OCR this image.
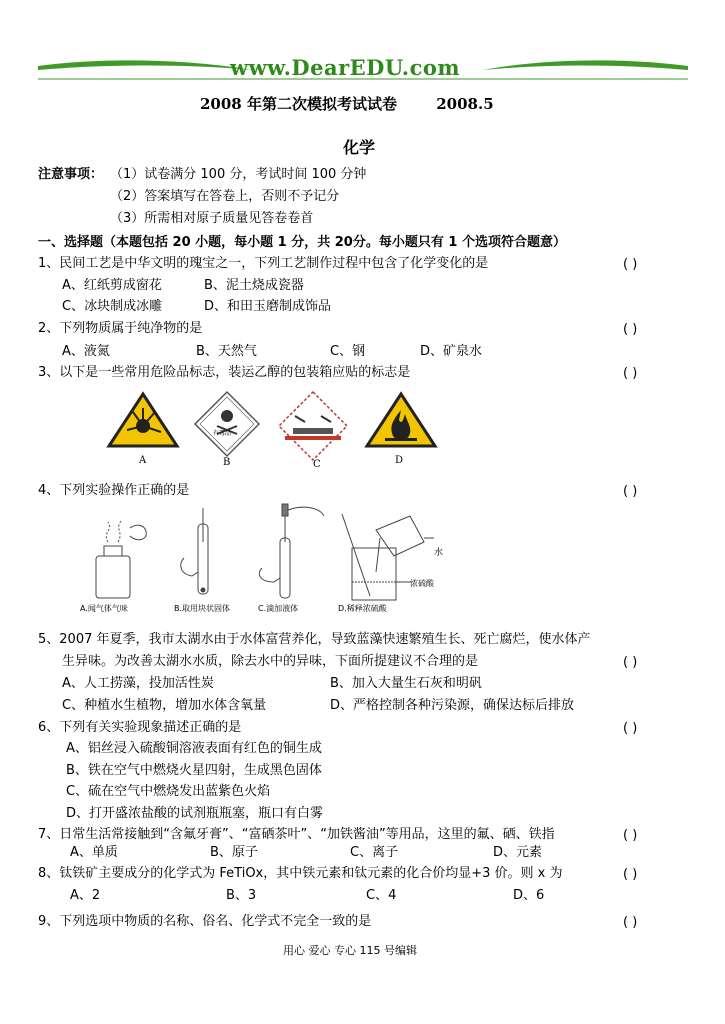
www.DearEDU.com
2008 年第二次模拟考试试卷	2008.5
化学
注意事项： （1）试卷满分 100 分，考试时间 100 分钟
（2）答案填写在答卷上，否则不予记分
（3）所需相对原子质量见答卷卷首
一、选择题（本题包括 20 小题，每小题 1 分，共 20分。每小题只有 1 个选项符合题意）
1、民间工艺是中华文明的瑰宝之一，下列工艺制作过程中包含了化学变化的是	( )
A、红纸剪成窗花	B、泥土烧成瓷器
C、冰块制成冰雕	D、和田玉磨制成饰品
2、下列物质属于纯净物的是	( )
A、液氮	B、天然气	C、钢	D、矿泉水
3、以下是一些常用危险品标志，装运乙醇的包装箱应贴的标志是	( )
A	B	C	D
有毒品
4、下列实验操作正确的是	( )
水
浓硫酸
A.闻气体气味	B.取用块状固体	C.滴加液体	D.稀释浓硫酸
5、2007 年夏季，我市太湖水由于水体富营养化，导致蓝藻快速繁殖生长、死亡腐烂，使水体产
生异味。为改善太湖水水质，除去水中的异味，下面所提建议不合理的是	( )
A、人工捞藻，投加活性炭	B、加入大量生石灰和明矾
C、种植水生植物，增加水体含氧量	D、严格控制各种污染源，确保达标后排放
6、下列有关实验现象描述正确的是	( )
A、铝丝浸入硫酸铜溶液表面有红色的铜生成
B、铁在空气中燃烧火星四射，生成黑色固体
C、硫在空气中燃烧发出蓝紫色火焰
D、打开盛浓盐酸的试剂瓶瓶塞，瓶口有白雾
7、日常生活常接触到“含氟牙膏”、“富硒茶叶”、“加铁酱油”等用品，这里的氟、硒、铁指	( )
A、单质	B、原子	C、离子	D、元素
8、钛铁矿主要成分的化学式为 FeTiOx，其中铁元素和钛元素的化合价均显+3 价。则 x 为	( )
A、2	B、3	C、4	D、6
9、下列选项中物质的名称、俗名、化学式不完全一致的是	( )
用心 爱心 专心 115 号编辑
